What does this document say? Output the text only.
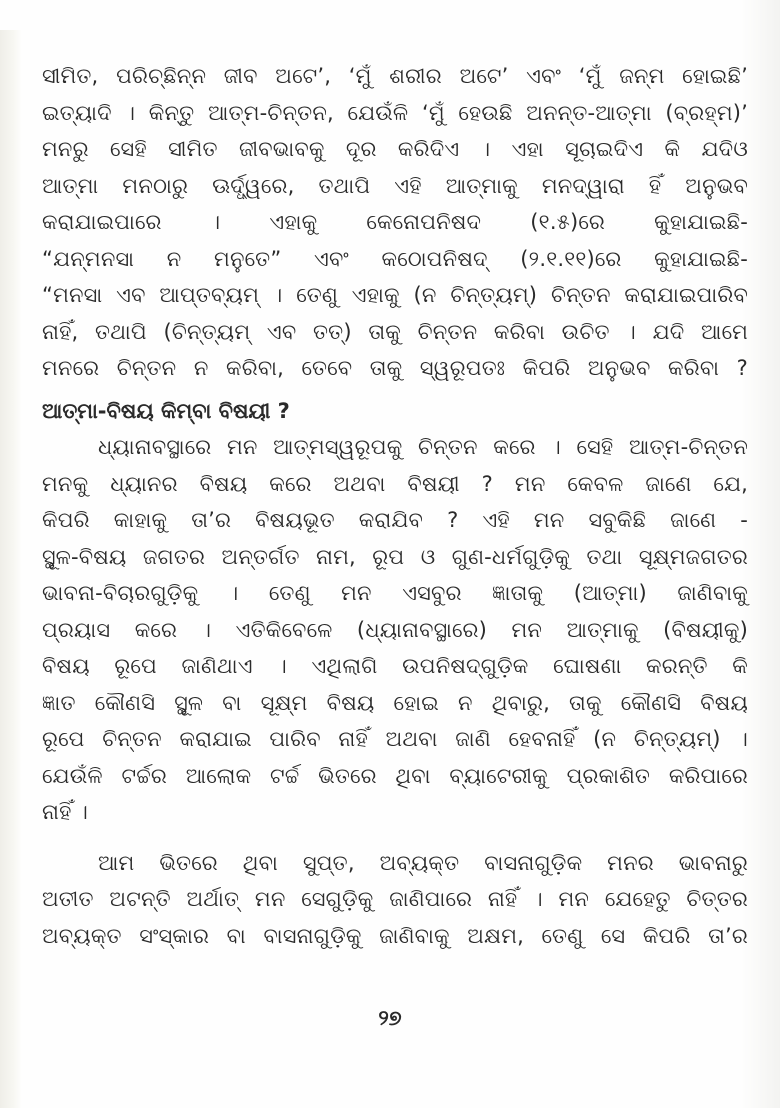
ସୀମିତ, ପରିଚ୍ଛିନ୍ନ ଜୀବ ଅଟେ’, ‘ମୁଁ ଶରୀର ଅଟେ’ ଏବଂ ‘ମୁଁ ଜନ୍ମ ହୋଇଛି’
ଇତ୍ୟାଦି । କିନ୍ତୁ ଆତ୍ମ-ଚିନ୍ତନ, ଯେଉଁଳି ‘ମୁଁ ହେଉଛି ଅନନ୍ତ-ଆତ୍ମା (ବ୍ରହ୍ମ)’
ମନରୁ ସେହି ସୀମିତ ଜୀବଭାବକୁ ଦୂର କରିଦିଏ । ଏହା ସୂଚାଇଦିଏ କି ଯଦିଓ
ଆତ୍ମା ମନଠାରୁ ଊର୍ଦ୍ଧ୍ୱରେ, ତଥାପି ଏହି ଆତ୍ମାକୁ ମନଦ୍ୱାରା ହିଁ ଅନୁଭବ
କରାଯାଇପାରେ । ଏହାକୁ କେନୋପନିଷଦ (୧.୫)ରେ କୁହାଯାଇଛି-
“ଯନ୍ମନସା ନ ମନୁତେ” ଏବଂ କଠୋପନିଷଦ୍ (୨.୧.୧୧)ରେ କୁହାଯାଇଛି-
“ମନସା ଏବ ଆପ୍ତବ୍ୟମ୍ । ତେଣୁ ଏହାକୁ (ନ ଚିନ୍ତ୍ୟମ୍) ଚିନ୍ତନ କରାଯାଇପାରିବ
ନାହିଁ, ତଥାପି (ଚିନ୍ତ୍ୟମ୍ ଏବ ତତ୍) ତାକୁ ଚିନ୍ତନ କରିବା ଉଚିତ । ଯଦି ଆମେ
ମନରେ ଚିନ୍ତନ ନ କରିବା, ତେବେ ତାକୁ ସ୍ୱରୂପତଃ କିପରି ଅନୁଭବ କରିବା ?
ଆତ୍ମା-ବିଷୟ କିମ୍ବା ବିଷୟୀ ?
ଧ୍ୟାନାବସ୍ଥାରେ ମନ ଆତ୍ମସ୍ୱରୂପକୁ ଚିନ୍ତନ କରେ । ସେହି ଆତ୍ମ-ଚିନ୍ତନ
ମନକୁ ଧ୍ୟାନର ବିଷୟ କରେ ଅଥବା ବିଷୟୀ ? ମନ କେବଳ ଜାଣେ ଯେ,
କିପରି କାହାକୁ ତା’ର ବିଷୟଭୂତ କରାଯିବ ? ଏହି ମନ ସବୁକିଛି ଜାଣେ -
ସ୍ଥୂଳ-ବିଷୟ ଜଗତର ଅନ୍ତର୍ଗତ ନାମ, ରୂପ ଓ ଗୁଣ-ଧର୍ମଗୁଡ଼ିକୁ ତଥା ସୂକ୍ଷ୍ମଜଗତର
ଭାବନା-ବିଚାରଗୁଡ଼ିକୁ । ତେଣୁ ମନ ଏସବୁର ଜ୍ଞାତାକୁ (ଆତ୍ମା) ଜାଣିବାକୁ
ପ୍ରୟାସ କରେ । ଏତିକିବେଳେ (ଧ୍ୟାନାବସ୍ଥାରେ) ମନ ଆତ୍ମାକୁ (ବିଷୟୀକୁ)
ବିଷୟ ରୂପେ ଜାଣିଥାଏ । ଏଥିଲାଗି ଉପନିଷଦ୍‌ଗୁଡ଼ିକ ଘୋଷଣା କରନ୍ତି କି
ଜ୍ଞାତ କୌଣସି ସ୍ଥୂଳ ବା ସୂକ୍ଷ୍ମ ବିଷୟ ହୋଇ ନ ଥିବାରୁ, ତାକୁ କୌଣସି ବିଷୟ
ରୂପେ ଚିନ୍ତନ କରାଯାଇ ପାରିବ ନାହିଁ ଅଥବା ଜାଣି ହେବନାହିଁ (ନ ଚିନ୍ତ୍ୟମ୍) ।
ଯେଉଁଳି ଟର୍ଚ୍ଚର ଆଲୋକ ଟର୍ଚ୍ଚ ଭିତରେ ଥିବା ବ୍ୟାଟେରୀକୁ ପ୍ରକାଶିତ କରିପାରେ
ନାହିଁ ।
ଆମ ଭିତରେ ଥିବା ସୁପ୍ତ, ଅବ୍ୟକ୍ତ ବାସନାଗୁଡ଼ିକ ମନର ଭାବନାରୁ
ଅତୀତ ଅଟନ୍ତି ଅର୍ଥାତ୍ ମନ ସେଗୁଡ଼ିକୁ ଜାଣିପାରେ ନାହିଁ । ମନ ଯେହେତୁ ଚିତ୍ତର
ଅବ୍ୟକ୍ତ ସଂସ୍କାର ବା ବାସନାଗୁଡ଼ିକୁ ଜାଣିବାକୁ ଅକ୍ଷମ, ତେଣୁ ସେ କିପରି ତା’ର
୨୭
